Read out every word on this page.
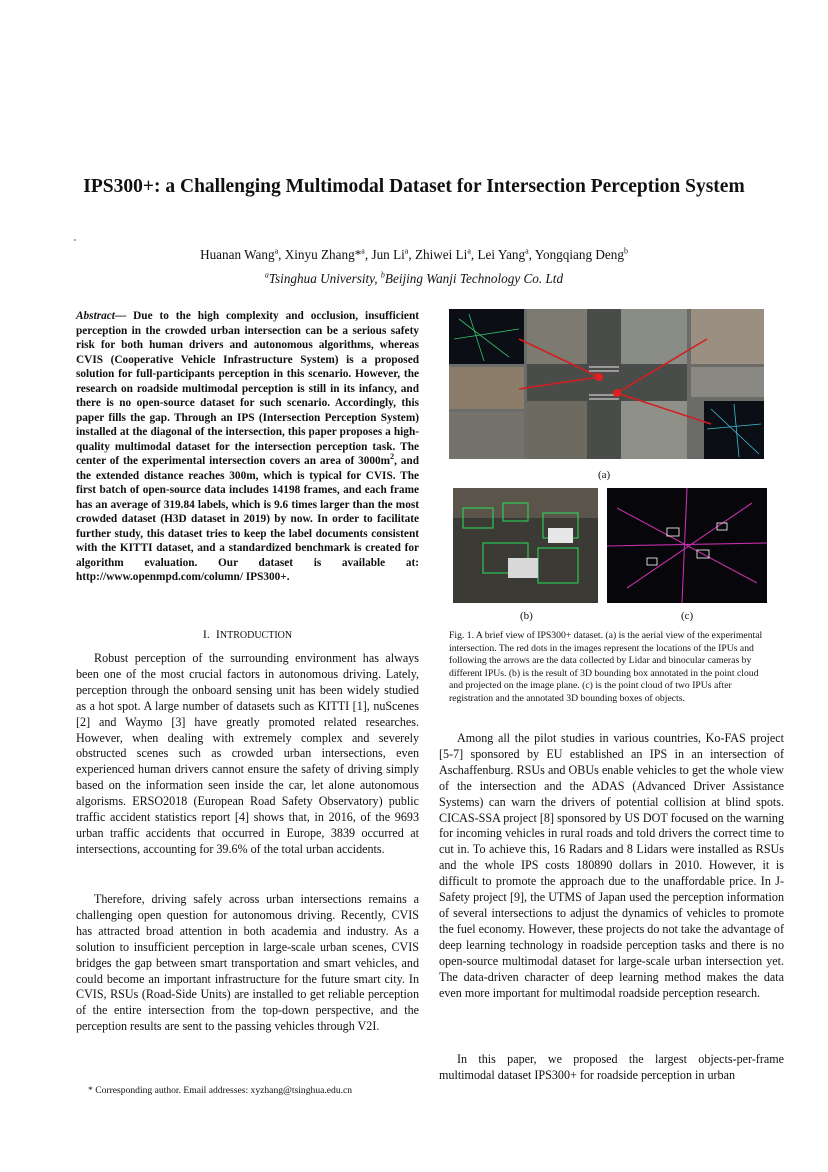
IPS300+: a Challenging Multimodal Dataset for Intersection Perception System
Huanan Wang$^a$, Xinyu Zhang*$^a$, Jun Li$^a$, Zhiwei Li$^a$, Lei Yang$^a$, Yongqiang Deng$^b$
$^a$Tsinghua University, $^b$Beijing Wanji Technology Co. Ltd
Abstract— Due to the high complexity and occlusion, insufficient perception in the crowded urban intersection can be a serious safety risk for both human drivers and autonomous algorithms, whereas CVIS (Cooperative Vehicle Infrastructure System) is a proposed solution for full-participants perception in this scenario. However, the research on roadside multimodal perception is still in its infancy, and there is no open-source dataset for such scenario. Accordingly, this paper fills the gap. Through an IPS (Intersection Perception System) installed at the diagonal of the intersection, this paper proposes a high-quality multimodal dataset for the intersection perception task. The center of the experimental intersection covers an area of $3000m^2$, and the extended distance reaches 300m, which is typical for CVIS. The first batch of open-source data includes 14198 frames, and each frame has an average of 319.84 labels, which is 9.6 times larger than the most crowded dataset (H3D dataset in 2019) by now. In order to facilitate further study, this dataset tries to keep the label documents consistent with the KITTI dataset, and a standardized benchmark is created for algorithm evaluation. Our dataset is available at: http://www.openmpd.com/column/ IPS300+.
I. INTRODUCTION

Robust perception of the surrounding environment has always been one of the most crucial factors in autonomous driving. Lately, perception through the onboard sensing unit has been widely studied as a hot spot. A large number of datasets such as KITTI [1], nuScenes [2] and Waymo [3] have greatly promoted related researches. However, when dealing with extremely complex and severely obstructed scenes such as crowded urban intersections, even experienced human drivers cannot ensure the safety of driving simply based on the information seen inside the car, let alone autonomous algorisms. ERSO2018 (European Road Safety Observatory) public traffic accident statistics report [4] shows that, in 2016, of the 9693 urban traffic accidents that occurred in Europe, 3839 occurred at intersections, accounting for 39.6% of the total urban accidents.

Therefore, driving safely across urban intersections remains a challenging open question for autonomous driving. Recently, CVIS has attracted broad attention in both academia and industry. As a solution to insufficient perception in large-scale urban scenes, CVIS bridges the gap between smart transportation and smart vehicles, and could become an important infrastructure for the future smart city. In CVIS, RSUs (Road-Side Units) are installed to get reliable perception of the entire intersection from the top-down perspective, and the perception results are sent to the passing vehicles through V2I.

* Corresponding author. Email addresses: xyzhang@tsinghua.edu.cn
(a)
(b)	(c)
Fig. 1. A brief view of IPS300+ dataset. (a) is the aerial view of the experimental intersection. The red dots in the images represent the locations of the IPUs and following the arrows are the data collected by Lidar and binocular cameras by different IPUs. (b) is the result of 3D bounding box annotated in the point cloud and projected on the image plane. (c) is the point cloud of two IPUs after registration and the annotated 3D bounding boxes of objects.

Among all the pilot studies in various countries, Ko-FAS project [5-7] sponsored by EU established an IPS in an intersection of Aschaffenburg. RSUs and OBUs enable vehicles to get the whole view of the intersection and the ADAS (Advanced Driver Assistance Systems) can warn the drivers of potential collision at blind spots. CICAS-SSA project [8] sponsored by US DOT focused on the warning for incoming vehicles in rural roads and told drivers the correct time to cut in. To achieve this, 16 Radars and 8 Lidars were installed as RSUs and the whole IPS costs 180890 dollars in 2010. However, it is difficult to promote the approach due to the unaffordable price. In J-Safety project [9], the UTMS of Japan used the perception information of several intersections to adjust the dynamics of vehicles to promote the fuel economy. However, these projects do not take the advantage of deep learning technology in roadside perception tasks and there is no open-source multimodal dataset for large-scale urban intersection yet. The data-driven character of deep learning method makes the data even more important for multimodal roadside perception research.

In this paper, we proposed the largest objects-per-frame multimodal dataset IPS300+ for roadside perception in urban
